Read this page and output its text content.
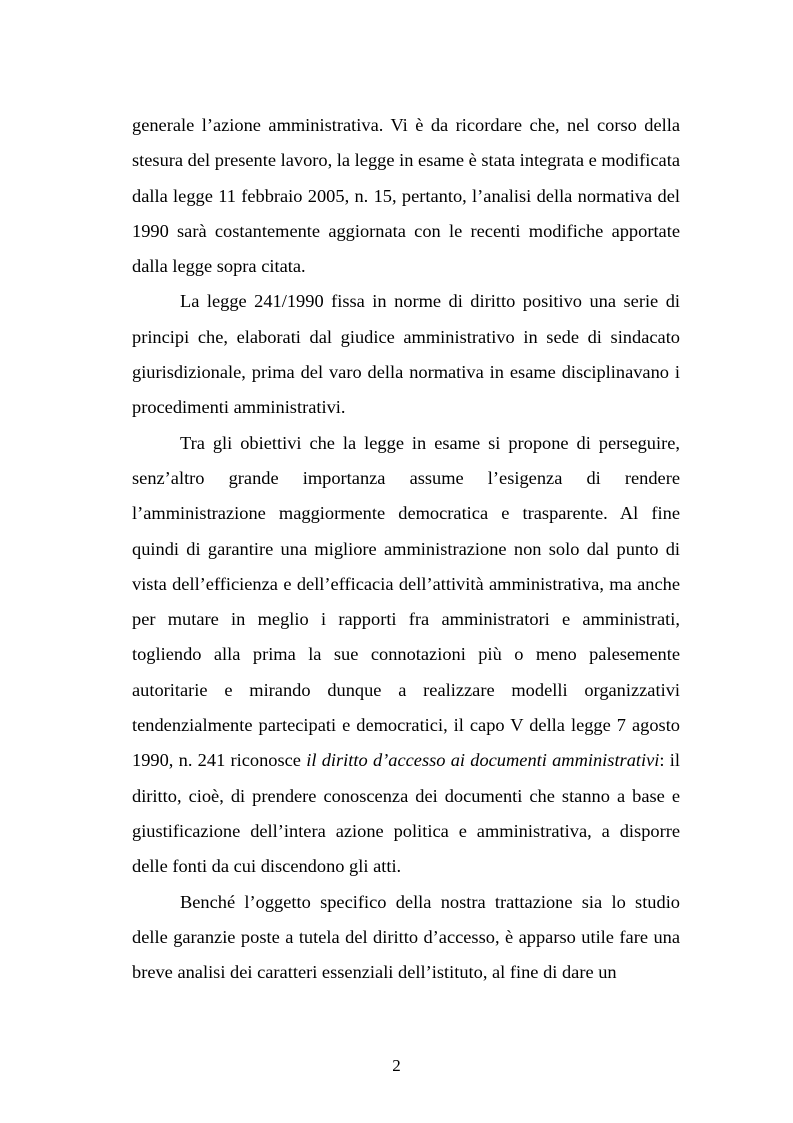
generale l’azione amministrativa. Vi è da ricordare che, nel corso della stesura del presente lavoro, la legge in esame è stata integrata e modificata dalla legge 11 febbraio 2005, n. 15, pertanto, l’analisi della normativa del 1990 sarà costantemente aggiornata con le recenti modifiche apportate dalla legge sopra citata.

La legge 241/1990 fissa in norme di diritto positivo una serie di principi che, elaborati dal giudice amministrativo in sede di sindacato giurisdizionale, prima del varo della normativa in esame disciplinavano i procedimenti amministrativi.

Tra gli obiettivi che la legge in esame si propone di perseguire, senz’altro grande importanza assume l’esigenza di rendere l’amministrazione maggiormente democratica e trasparente. Al fine quindi di garantire una migliore amministrazione non solo dal punto di vista dell’efficienza e dell’efficacia dell’attività amministrativa, ma anche per mutare in meglio i rapporti fra amministratori e amministrati, togliendo alla prima la sue connotazioni più o meno palesemente autoritarie e mirando dunque a realizzare modelli organizzativi tendenzialmente partecipati e democratici, il capo V della legge 7 agosto 1990, n. 241 riconosce il diritto d’accesso ai documenti amministrativi: il diritto, cioè, di prendere conoscenza dei documenti che stanno a base e giustificazione dell’intera azione politica e amministrativa, a disporre delle fonti da cui discendono gli atti.

Benché l’oggetto specifico della nostra trattazione sia lo studio delle garanzie poste a tutela del diritto d’accesso, è apparso utile fare una breve analisi dei caratteri essenziali dell’istituto, al fine di dare un

2
